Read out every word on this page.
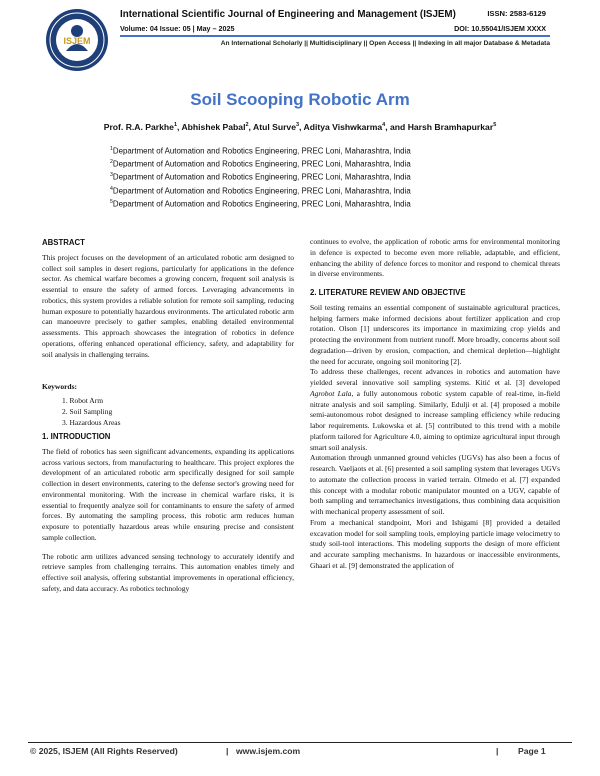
ISJEM
International Scientific Journal of Engineering and Management (ISJEM)	ISSN: 2583-6129
Volume: 04 Issue: 05 | May – 2025	DOI: 10.55041/ISJEM XXXX
An International Scholarly || Multidisciplinary || Open Access || Indexing in all major Database & Metadata
Soil Scooping Robotic Arm
Prof. R.A. Parkhe$^1$, Abhishek Pabal$^2$, Atul Surve$^3$, Aditya Vishwkarma$^4$, and Harsh Bramhapurkar$^5$
$^1$Department of Automation and Robotics Engineering, PREC Loni, Maharashtra, India
$^2$Department of Automation and Robotics Engineering, PREC Loni, Maharashtra, India
$^3$Department of Automation and Robotics Engineering, PREC Loni, Maharashtra, India
$^4$Department of Automation and Robotics Engineering, PREC Loni, Maharashtra, India
$^5$Department of Automation and Robotics Engineering, PREC Loni, Maharashtra, India
ABSTRACT

This project focuses on the development of an articulated robotic arm designed to collect soil samples in desert regions, particularly for applications in the defence sector. As chemical warfare becomes a growing concern, frequent soil analysis is essential to ensure the safety of armed forces. Leveraging advancements in robotics, this system provides a reliable solution for remote soil sampling, reducing human exposure to potentially hazardous environments. The articulated robotic arm can manoeuvre precisely to gather samples, enabling detailed environmental assessments. This approach showcases the integration of robotics in defence operations, offering enhanced operational efficiency, safety, and adaptability for soil analysis in challenging terrains.

Keywords:
1. Robot Arm
2. Soil Sampling
3. Hazardous Areas
1. INTRODUCTION

The field of robotics has seen significant advancements, expanding its applications across various sectors, from manufacturing to healthcare. This project explores the development of an articulated robotic arm specifically designed for soil sample collection in desert environments, catering to the defense sector's growing need for environmental monitoring. With the increase in chemical warfare risks, it is essential to frequently analyze soil for contaminants to ensure the safety of armed forces. By automating the sampling process, this robotic arm reduces human exposure to potentially hazardous areas while ensuring precise and consistent sample collection.

The robotic arm utilizes advanced sensing technology to accurately identify and retrieve samples from challenging terrains. This automation enables timely and effective soil analysis, offering substantial improvements in operational efficiency, safety, and data accuracy. As robotics technology

continues to evolve, the application of robotic arms for environmental monitoring in defence is expected to become even more reliable, adaptable, and efficient, enhancing the ability of defence forces to monitor and respond to chemical threats in diverse environments.

2. LITERATURE REVIEW AND OBJECTIVE

Soil testing remains an essential component of sustainable agricultural practices, helping farmers make informed decisions about fertilizer application and crop rotation. Olson [1] underscores its importance in maximizing crop yields and protecting the environment from nutrient runoff. More broadly, concerns about soil degradation—driven by erosion, compaction, and chemical depletion—highlight the need for accurate, ongoing soil monitoring [2].

To address these challenges, recent advances in robotics and automation have yielded several innovative soil sampling systems. Kitić et al. [3] developed Agrobot Lala, a fully autonomous robotic system capable of real-time, in-field nitrate analysis and soil sampling. Similarly, Edulji et al. [4] proposed a mobile semi-autonomous robot designed to increase sampling efficiency while reducing labor requirements. Lukowska et al. [5] contributed to this trend with a mobile platform tailored for Agriculture 4.0, aiming to optimize agricultural input through smart soil analysis.

Automation through unmanned ground vehicles (UGVs) has also been a focus of research. Vaeljaots et al. [6] presented a soil sampling system that leverages UGVs to automate the collection process in varied terrain. Olmedo et al. [7] expanded this concept with a modular robotic manipulator mounted on a UGV, capable of both sampling and terramechanics investigations, thus combining data acquisition with mechanical property assessment of soil.

From a mechanical standpoint, Mori and Ishigami [8] provided a detailed excavation model for soil sampling tools, employing particle image velocimetry to study soil-tool interactions. This modeling supports the design of more efficient and accurate sampling mechanisms. In hazardous or inaccessible environments, Ghaari et al. [9] demonstrated the application of

© 2025, ISJEM (All Rights Reserved)	| www.isjem.com	| Page 1
